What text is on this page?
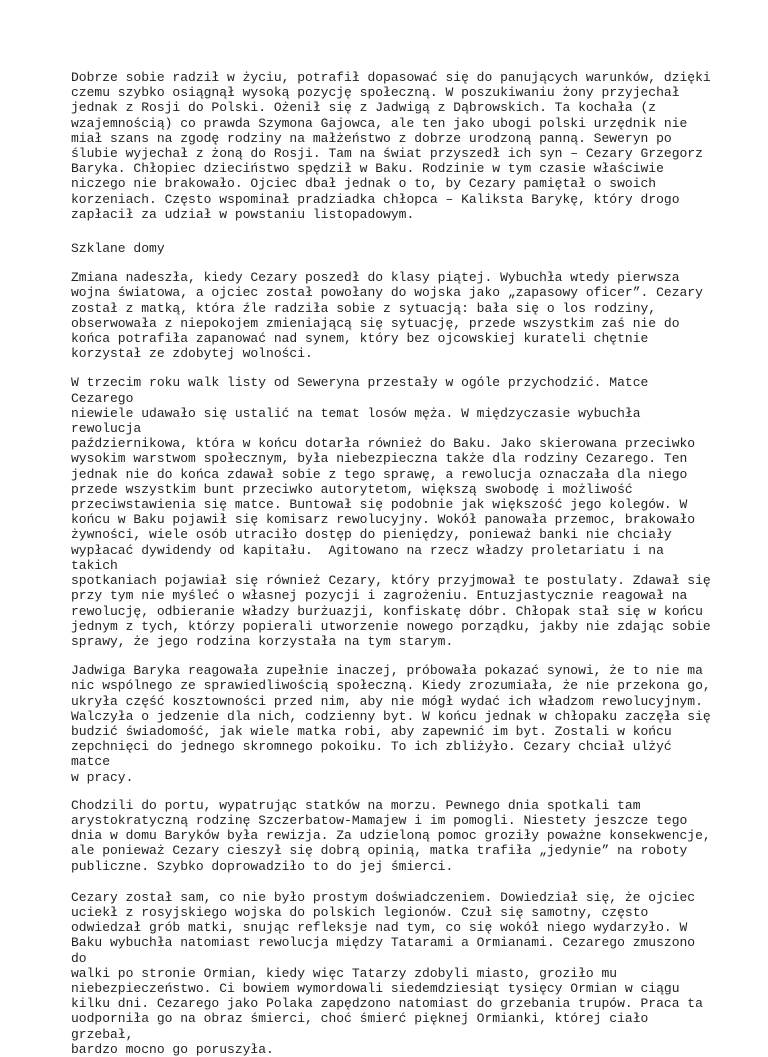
Dobrze sobie radził w życiu, potrafił dopasować się do panujących warunków, dzięki
czemu szybko osiągnął wysoką pozycję społeczną. W poszukiwaniu żony przyjechał
jednak z Rosji do Polski. Ożenił się z Jadwigą z Dąbrowskich. Ta kochała (z
wzajemnością) co prawda Szymona Gajowca, ale ten jako ubogi polski urzędnik nie
miał szans na zgodę rodziny na małżeństwo z dobrze urodzoną panną. Seweryn po
ślubie wyjechał z żoną do Rosji. Tam na świat przyszedł ich syn – Cezary Grzegorz
Baryka. Chłopiec dzieciństwo spędził w Baku. Rodzinie w tym czasie właściwie
niczego nie brakowało. Ojciec dbał jednak o to, by Cezary pamiętał o swoich
korzeniach. Często wspominał pradziadka chłopca – Kaliksta Barykę, który drogo
zapłacił za udział w powstaniu listopadowym.

Szklane domy

Zmiana nadeszła, kiedy Cezary poszedł do klasy piątej. Wybuchła wtedy pierwsza
wojna światowa, a ojciec został powołany do wojska jako „zapasowy oficer”. Cezary
został z matką, która źle radziła sobie z sytuacją: bała się o los rodziny,
obserwowała z niepokojem zmieniającą się sytuację, przede wszystkim zaś nie do
końca potrafiła zapanować nad synem, który bez ojcowskiej kurateli chętnie
korzystał ze zdobytej wolności.

W trzecim roku walk listy od Seweryna przestały w ogóle przychodzić. Matce Cezarego
niewiele udawało się ustalić na temat losów męża. W międzyczasie wybuchła rewolucja
październikowa, która w końcu dotarła również do Baku. Jako skierowana przeciwko
wysokim warstwom społecznym, była niebezpieczna także dla rodziny Cezarego. Ten
jednak nie do końca zdawał sobie z tego sprawę, a rewolucja oznaczała dla niego
przede wszystkim bunt przeciwko autorytetom, większą swobodę i możliwość
przeciwstawienia się matce. Buntował się podobnie jak większość jego kolegów. W
końcu w Baku pojawił się komisarz rewolucyjny. Wokół panowała przemoc, brakowało
żywności, wiele osób utraciło dostęp do pieniędzy, ponieważ banki nie chciały
wypłacać dywidendy od kapitału.  Agitowano na rzecz władzy proletariatu i na takich
spotkaniach pojawiał się również Cezary, który przyjmował te postulaty. Zdawał się
przy tym nie myśleć o własnej pozycji i zagrożeniu. Entuzjastycznie reagował na
rewolucję, odbieranie władzy burżuazji, konfiskatę dóbr. Chłopak stał się w końcu
jednym z tych, którzy popierali utworzenie nowego porządku, jakby nie zdając sobie
sprawy, że jego rodzina korzystała na tym starym.

Jadwiga Baryka reagowała zupełnie inaczej, próbowała pokazać synowi, że to nie ma
nic wspólnego ze sprawiedliwością społeczną. Kiedy zrozumiała, że nie przekona go,
ukryła część kosztowności przed nim, aby nie mógł wydać ich władzom rewolucyjnym.
Walczyła o jedzenie dla nich, codzienny byt. W końcu jednak w chłopaku zaczęła się
budzić świadomość, jak wiele matka robi, aby zapewnić im byt. Zostali w końcu
zepchnięci do jednego skromnego pokoiku. To ich zbliżyło. Cezary chciał ulżyć matce
w pracy.

Chodzili do portu, wypatrując statków na morzu. Pewnego dnia spotkali tam
arystokratyczną rodzinę Szczerbatow-Mamajew i im pomogli. Niestety jeszcze tego
dnia w domu Baryków była rewizja. Za udzieloną pomoc groziły poważne konsekwencje,
ale ponieważ Cezary cieszył się dobrą opinią, matka trafiła „jedynie” na roboty
publiczne. Szybko doprowadziło to do jej śmierci.

Cezary został sam, co nie było prostym doświadczeniem. Dowiedział się, że ojciec
uciekł z rosyjskiego wojska do polskich legionów. Czuł się samotny, często
odwiedzał grób matki, snując refleksje nad tym, co się wokół niego wydarzyło. W
Baku wybuchła natomiast rewolucja między Tatarami a Ormianami. Cezarego zmuszono do
walki po stronie Ormian, kiedy więc Tatarzy zdobyli miasto, groziło mu
niebezpieczeństwo. Ci bowiem wymordowali siedemdziesiąt tysięcy Ormian w ciągu
kilku dni. Cezarego jako Polaka zapędzono natomiast do grzebania trupów. Praca ta
uodporniła go na obraz śmierci, choć śmierć pięknej Ormianki, której ciało grzebał,
bardzo mocno go poruszyła.
